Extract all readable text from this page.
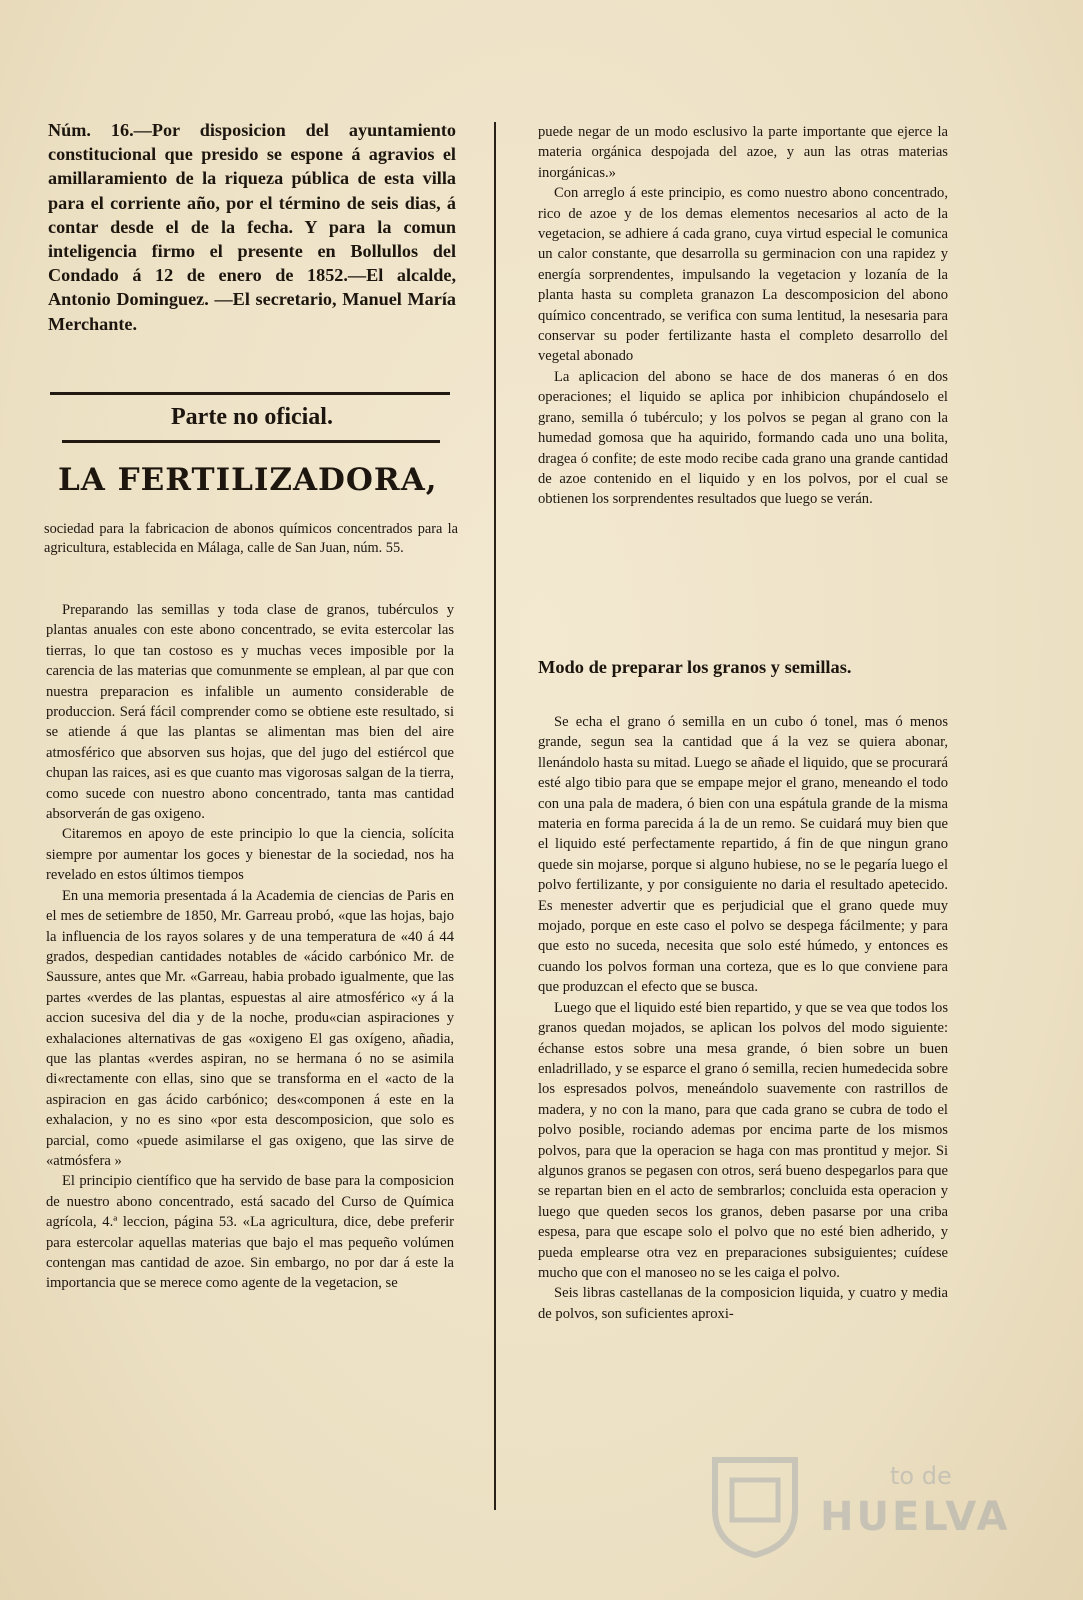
Núm. 16.—Por disposicion del ayuntamiento constitucional que presido se espone á agravios el amillaramiento de la riqueza pública de esta villa para el corriente año, por el término de seis dias, á contar desde el de la fecha. Y para la comun inteligencia firmo el presente en Bollullos del Condado á 12 de enero de 1852.—El alcalde, Antonio Dominguez. —El secretario, Manuel María Merchante.

Parte no oficial.
LA FERTILIZADORA,

sociedad para la fabricacion de abonos químicos concentrados para la agricultura, establecida en Málaga, calle de San Juan, núm. 55.

Preparando las semillas y toda clase de granos, tubérculos y plantas anuales con este abono concentrado, se evita estercolar las tierras, lo que tan costoso es y muchas veces imposible por la carencia de las materias que comunmente se emplean, al par que con nuestra preparacion es infalible un aumento considerable de produccion. Será fácil comprender como se obtiene este resultado, si se atiende á que las plantas se alimentan mas bien del aire atmosférico que absorven sus hojas, que del jugo del estiércol que chupan las raices, asi es que cuanto mas vigorosas salgan de la tierra, como sucede con nuestro abono concentrado, tanta mas cantidad absorverán de gas oxigeno.

Citaremos en apoyo de este principio lo que la ciencia, solícita siempre por aumentar los goces y bienestar de la sociedad, nos ha revelado en estos últimos tiempos

En una memoria presentada á la Academia de ciencias de Paris en el mes de setiembre de 1850, Mr. Garreau probó, «que las hojas, bajo la influencia de los rayos solares y de una temperatura de «40 á 44 grados, despedian cantidades notables de «ácido carbónico Mr. de Saussure, antes que Mr. «Garreau, habia probado igualmente, que las partes «verdes de las plantas, espuestas al aire atmosférico «y á la accion sucesiva del dia y de la noche, produ«cian aspiraciones y exhalaciones alternativas de gas «oxigeno El gas oxígeno, añadia, que las plantas «verdes aspiran, no se hermana ó no se asimila di«rectamente con ellas, sino que se transforma en el «acto de la aspiracion en gas ácido carbónico; des«componen á este en la exhalacion, y no es sino «por esta descomposicion, que solo es parcial, como «puede asimilarse el gas oxigeno, que las sirve de «atmósfera »

El principio científico que ha servido de base para la composicion de nuestro abono concentrado, está sacado del Curso de Química agrícola, 4.ª leccion, página 53. «La agricultura, dice, debe preferir para estercolar aquellas materias que bajo el mas pequeño volúmen contengan mas cantidad de azoe. Sin embargo, no por dar á este la importancia que se merece como agente de la vegetacion, se

puede negar de un modo esclusivo la parte importante que ejerce la materia orgánica despojada del azoe, y aun las otras materias inorgánicas.»

Con arreglo á este principio, es como nuestro abono concentrado, rico de azoe y de los demas elementos necesarios al acto de la vegetacion, se adhiere á cada grano, cuya virtud especial le comunica un calor constante, que desarrolla su germinacion con una rapidez y energía sorprendentes, impulsando la vegetacion y lozanía de la planta hasta su completa granazon La descomposicion del abono químico concentrado, se verifica con suma lentitud, la nesesaria para conservar su poder fertilizante hasta el completo desarrollo del vegetal abonado

La aplicacion del abono se hace de dos maneras ó en dos operaciones; el liquido se aplica por inhibicion chupándoselo el grano, semilla ó tubérculo; y los polvos se pegan al grano con la humedad gomosa que ha aquirido, formando cada uno una bolita, dragea ó confite; de este modo recibe cada grano una grande cantidad de azoe contenido en el liquido y en los polvos, por el cual se obtienen los sorprendentes resultados que luego se verán.

Modo de preparar los granos y semillas.

Se echa el grano ó semilla en un cubo ó tonel, mas ó menos grande, segun sea la cantidad que á la vez se quiera abonar, llenándolo hasta su mitad. Luego se añade el liquido, que se procurará esté algo tibio para que se empape mejor el grano, meneando el todo con una pala de madera, ó bien con una espátula grande de la misma materia en forma parecida á la de un remo. Se cuidará muy bien que el liquido esté perfectamente repartido, á fin de que ningun grano quede sin mojarse, porque si alguno hubiese, no se le pegaría luego el polvo fertilizante, y por consiguiente no daria el resultado apetecido. Es menester advertir que es perjudicial que el grano quede muy mojado, porque en este caso el polvo se despega fácilmente; y para que esto no suceda, necesita que solo esté húmedo, y entonces es cuando los polvos forman una corteza, que es lo que conviene para que produzcan el efecto que se busca.

Luego que el liquido esté bien repartido, y que se vea que todos los granos quedan mojados, se aplican los polvos del modo siguiente: échanse estos sobre una mesa grande, ó bien sobre un buen enladrillado, y se esparce el grano ó semilla, recien humedecida sobre los espresados polvos, meneándolo suavemente con rastrillos de madera, y no con la mano, para que cada grano se cubra de todo el polvo posible, rociando ademas por encima parte de los mismos polvos, para que la operacion se haga con mas prontitud y mejor. Si algunos granos se pegasen con otros, será bueno despegarlos para que se repartan bien en el acto de sembrarlos; concluida esta operacion y luego que queden secos los granos, deben pasarse por una criba espesa, para que escape solo el polvo que no esté bien adherido, y pueda emplearse otra vez en preparaciones subsiguientes; cuídese mucho que con el manoseo no se les caiga el polvo.

Seis libras castellanas de la composicion liquida, y cuatro y media de polvos, son suficientes aproxi-

to de
HUELVA
